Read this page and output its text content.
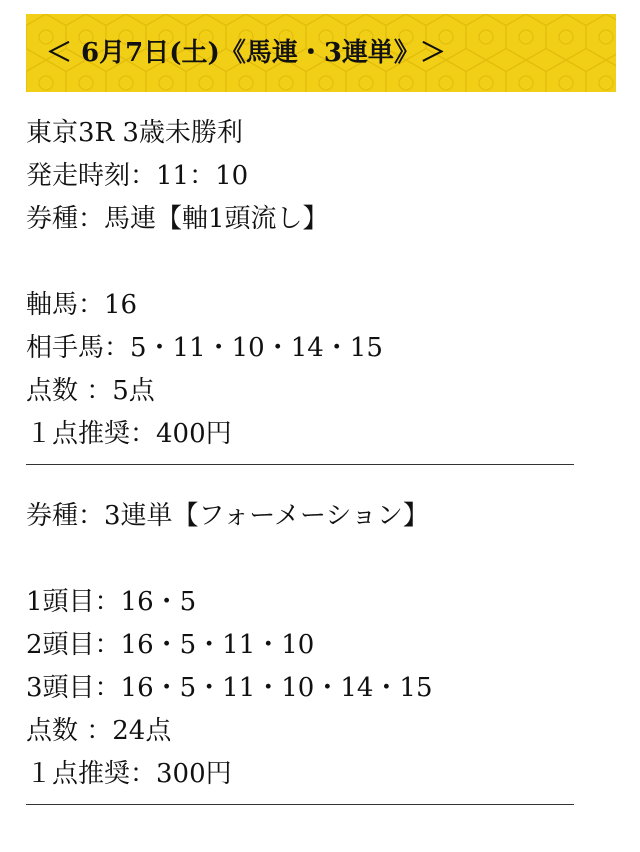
＜ 6月7日(土)《馬連・3連単》＞
東京3R 3歳未勝利
発走時刻：11：10
券種：馬連【軸1頭流し】
軸馬：16
相手馬：5・11・10・14・15
点数 ：5点
１点推奨：400円
券種：3連単【フォーメーション】
1頭目：16・5
2頭目：16・5・11・10
3頭目：16・5・11・10・14・15
点数 ：24点
１点推奨：300円
